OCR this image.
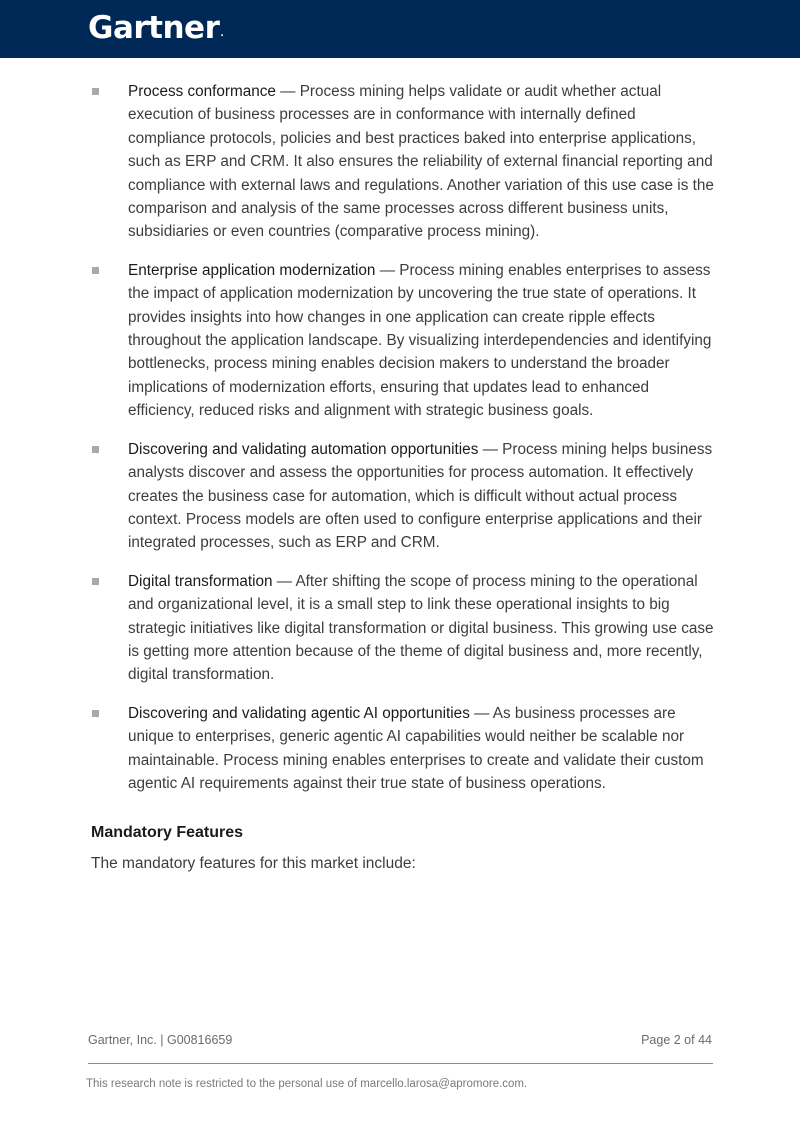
Gartner.
Process conformance — Process mining helps validate or audit whether actual execution of business processes are in conformance with internally defined compliance protocols, policies and best practices baked into enterprise applications, such as ERP and CRM. It also ensures the reliability of external financial reporting and compliance with external laws and regulations. Another variation of this use case is the comparison and analysis of the same processes across different business units, subsidiaries or even countries (comparative process mining).
Enterprise application modernization — Process mining enables enterprises to assess the impact of application modernization by uncovering the true state of operations. It provides insights into how changes in one application can create ripple effects throughout the application landscape. By visualizing interdependencies and identifying bottlenecks, process mining enables decision makers to understand the broader implications of modernization efforts, ensuring that updates lead to enhanced efficiency, reduced risks and alignment with strategic business goals.
Discovering and validating automation opportunities — Process mining helps business analysts discover and assess the opportunities for process automation. It effectively creates the business case for automation, which is difficult without actual process context. Process models are often used to configure enterprise applications and their integrated processes, such as ERP and CRM.
Digital transformation — After shifting the scope of process mining to the operational and organizational level, it is a small step to link these operational insights to big strategic initiatives like digital transformation or digital business. This growing use case is getting more attention because of the theme of digital business and, more recently, digital transformation.
Discovering and validating agentic AI opportunities — As business processes are unique to enterprises, generic agentic AI capabilities would neither be scalable nor maintainable. Process mining enables enterprises to create and validate their custom agentic AI requirements against their true state of business operations.
Mandatory Features

The mandatory features for this market include:

Gartner, Inc. | G00816659	Page 2 of 44
This research note is restricted to the personal use of marcello.larosa@apromore.com.
